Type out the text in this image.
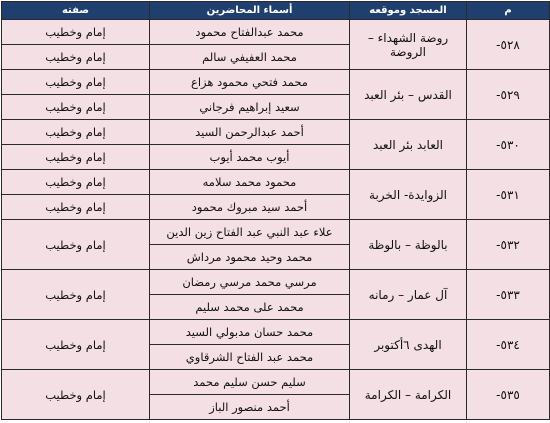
م	المسجد وموقعه	أسماء المحاضرين	صفته
٥٢٨-	روضة الشهداء – الروضة	محمد عبدالفتاح محمود	إمام وخطيب
		محمد العفيفي سالم	إمام وخطيب
٥٢٩-	القدس – بئر العبد	محمد فتحي محمود هزاع	إمام وخطيب
		سعيد إبراهيم فرجاني	إمام وخطيب
٥٣٠-	العابد بئر العبد	أحمد عبدالرحمن السيد	إمام وخطيب
		أيوب محمد أيوب	إمام وخطيب
٥٣١-	الزوايدة- الخربة	محمود محمد سلامه	إمام وخطيب
		أحمد سيد مبروك محمود	إمام وخطيب
٥٣٢-	بالوظة – بالوظة	علاء عبد النبي عبد الفتاح زين الدين	إمام وخطيب
		محمد وحيد محمود مرداش	
٥٣٣-	آل عمار – رمانه	مرسي محمد مرسي رمضان	إمام وخطيب
		محمد على محمد سليم	
٥٣٤-	الهدى ٦أكتوبر	محمد حسان مدبولي السيد	إمام وخطيب
		محمد عبد الفتاح الشرقاوي	
٥٣٥-	الكرامة – الكرامة	سليم حسن سليم محمد	إمام وخطيب
		أحمد منصور الباز	
